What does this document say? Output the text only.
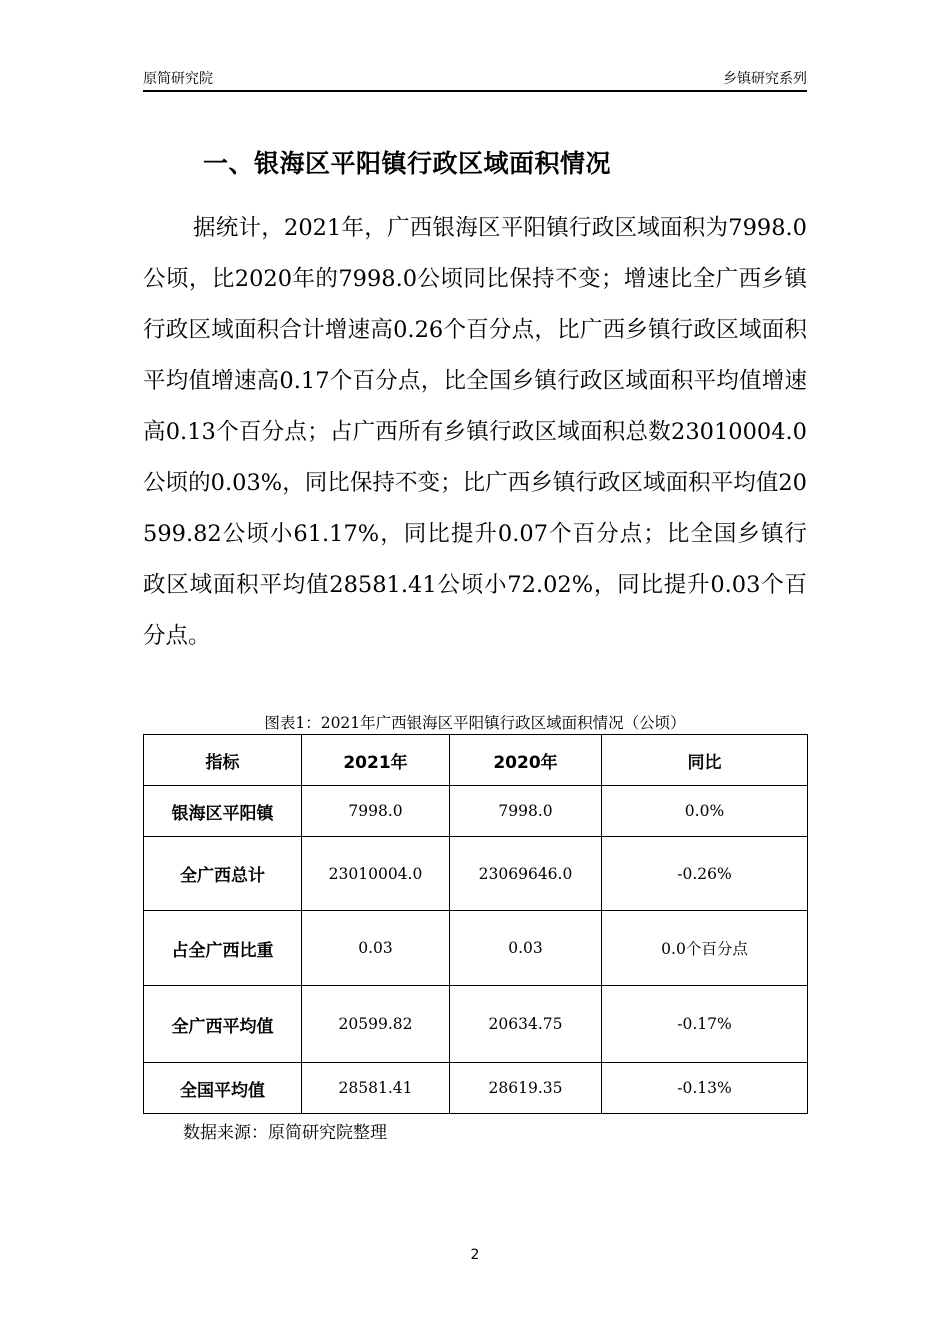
原简研究院	乡镇研究系列
一、银海区平阳镇行政区域面积情况

据统计，2021年，广西银海区平阳镇行政区域面积为7998.0公顷，比2020年的7998.0公顷同比保持不变；增速比全广西乡镇行政区域面积合计增速高0.26个百分点，比广西乡镇行政区域面积平均值增速高0.17个百分点，比全国乡镇行政区域面积平均值增速高0.13个百分点；占广西所有乡镇行政区域面积总数23010004.0公顷的0.03%，同比保持不变；比广西乡镇行政区域面积平均值20599.82公顷小61.17%，同比提升0.07个百分点；比全国乡镇行政区域面积平均值28581.41公顷小72.02%，同比提升0.03个百分点。

图表1：2021年广西银海区平阳镇行政区域面积情况（公顷）
指标	2021年	2020年	同比
银海区平阳镇	7998.0	7998.0	0.0%
全广西总计	23010004.0	23069646.0	-0.26%
占全广西比重	0.03	0.03	0.0个百分点
全广西平均值	20599.82	20634.75	-0.17%
全国平均值	28581.41	28619.35	-0.13%
数据来源：原简研究院整理
2
